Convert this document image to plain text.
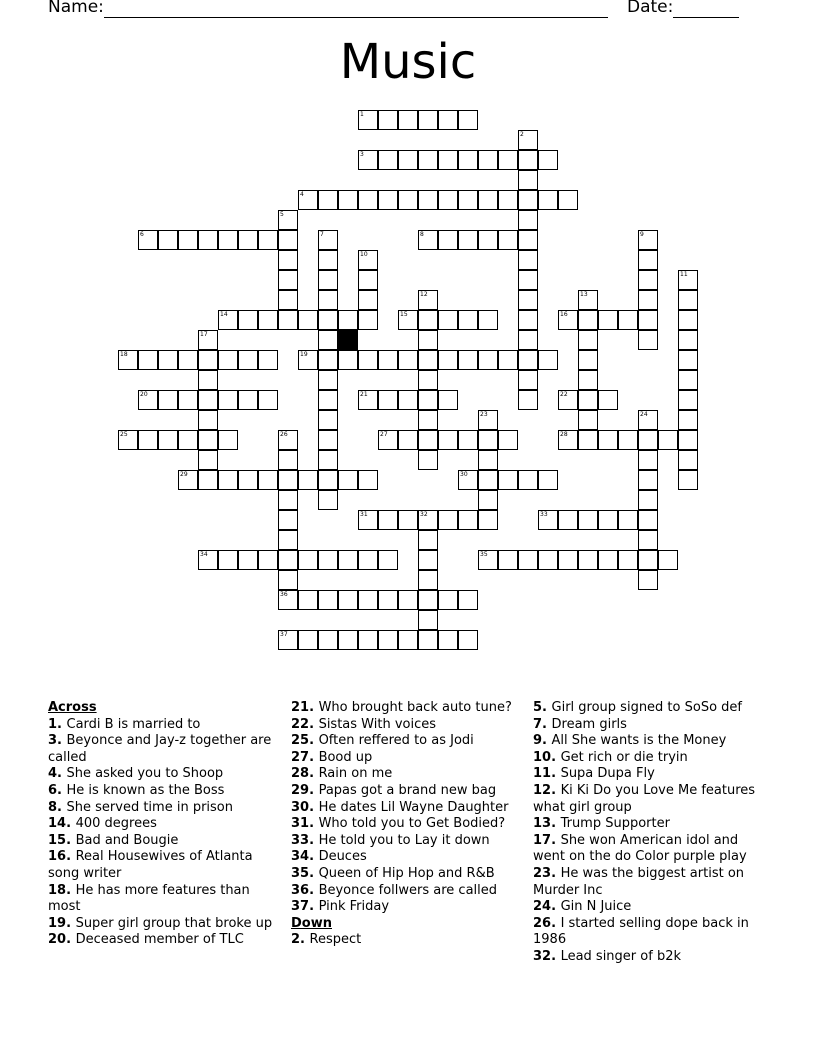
Name:	Date:
Music
1
3
4
6	8
14	15	16
18	19
20	21	22
25	27	28
29	30
31	32	33
34	35
36
37
2
5
7	9
10
11
12	13
17
23	24
26
Across
1. Cardi B is married to
3. Beyonce and Jay-z together are called
4. She asked you to Shoop
6. He is known as the Boss
8. She served time in prison
14. 400 degrees
15. Bad and Bougie
16. Real Housewives of Atlanta song writer
18. He has more features than most
19. Super girl group that broke up
20. Deceased member of TLC
21. Who brought back auto tune?
22. Sistas With voices
25. Often reffered to as Jodi
27. Bood up
28. Rain on me
29. Papas got a brand new bag
30. He dates Lil Wayne Daughter
31. Who told you to Get Bodied?
33. He told you to Lay it down
34. Deuces
35. Queen of Hip Hop and R&B
36. Beyonce follwers are called
37. Pink Friday
Down
2. Respect
5. Girl group signed to SoSo def
7. Dream girls
9. All She wants is the Money
10. Get rich or die tryin
11. Supa Dupa Fly
12. Ki Ki Do you Love Me features what girl group
13. Trump Supporter
17. She won American idol and went on the do Color purple play
23. He was the biggest artist on Murder Inc
24. Gin N Juice
26. I started selling dope back in 1986
32. Lead singer of b2k
